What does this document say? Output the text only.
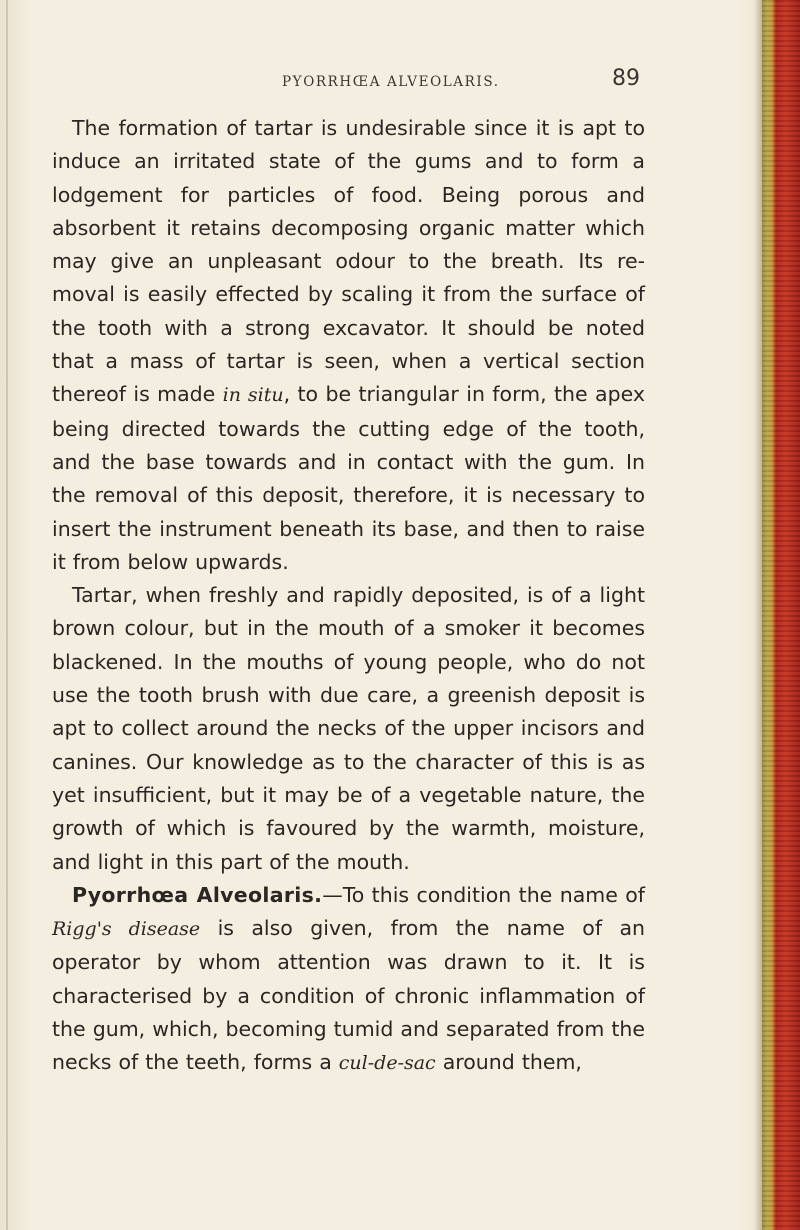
PYORRHŒA ALVEOLARIS.	89

The formation of tartar is undesirable since it is apt to induce an irritated state of the gums and to form a lodgement for particles of food. Being porous and absorbent it retains decomposing organic matter which may give an unpleasant odour to the breath. Its re-moval is easily effected by scaling it from the surface of the tooth with a strong excavator. It should be noted that a mass of tartar is seen, when a vertical section thereof is made in situ, to be triangular in form, the apex being directed towards the cutting edge of the tooth, and the base towards and in contact with the gum. In the removal of this deposit, therefore, it is necessary to insert the instrument beneath its base, and then to raise it from below upwards.

Tartar, when freshly and rapidly deposited, is of a light brown colour, but in the mouth of a smoker it becomes blackened. In the mouths of young people, who do not use the tooth brush with due care, a greenish deposit is apt to collect around the necks of the upper incisors and canines. Our knowledge as to the character of this is as yet insufficient, but it may be of a vegetable nature, the growth of which is favoured by the warmth, moisture, and light in this part of the mouth.

Pyorrhœa Alveolaris.—To this condition the name of Rigg's disease is also given, from the name of an operator by whom attention was drawn to it. It is characterised by a condition of chronic inflammation of the gum, which, becoming tumid and separated from the necks of the teeth, forms a cul-de-sac around them,
